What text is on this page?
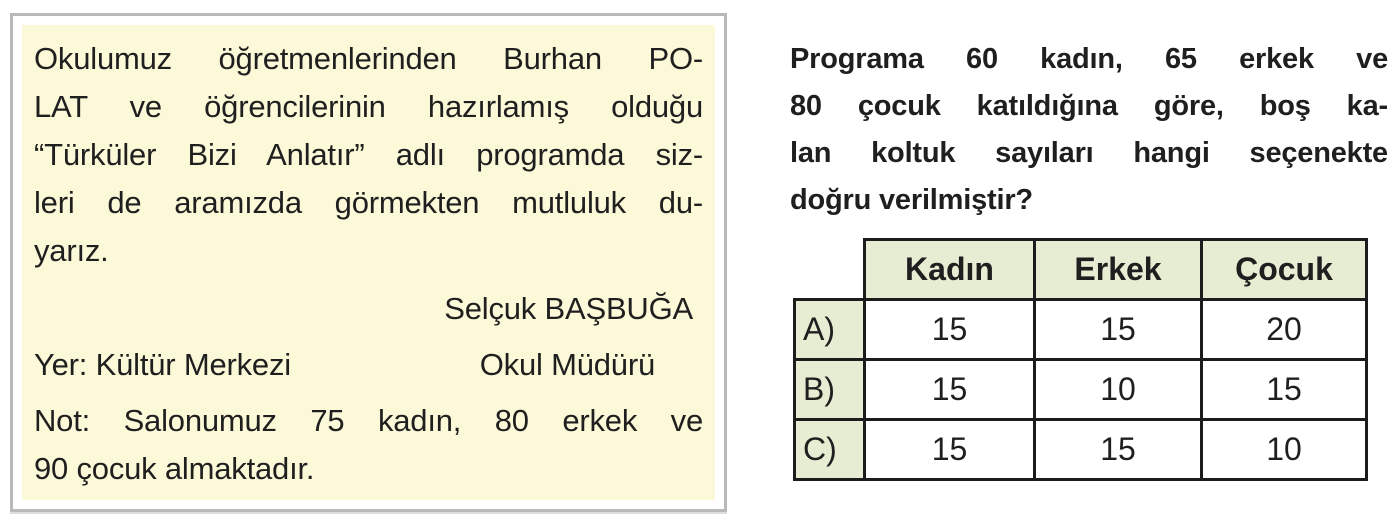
Okulumuz öğretmenlerinden Burhan PO-
LAT ve öğrencilerinin hazırlamış olduğu
“Türküler Bizi Anlatır” adlı programda siz-
leri de aramızda görmekten mutluluk du-
yarız.
Selçuk BAŞBUĞA
Yer: Kültür Merkezi	Okul Müdürü
Not: Salonumuz 75 kadın, 80 erkek ve
90 çocuk almaktadır.
Programa 60 kadın, 65 erkek ve
80 çocuk katıldığına göre, boş ka-
lan koltuk sayıları hangi seçenekte
doğru verilmiştir?
	Kadın	Erkek	Çocuk
A)	15	15	20
B)	15	10	15
C)	15	15	10
